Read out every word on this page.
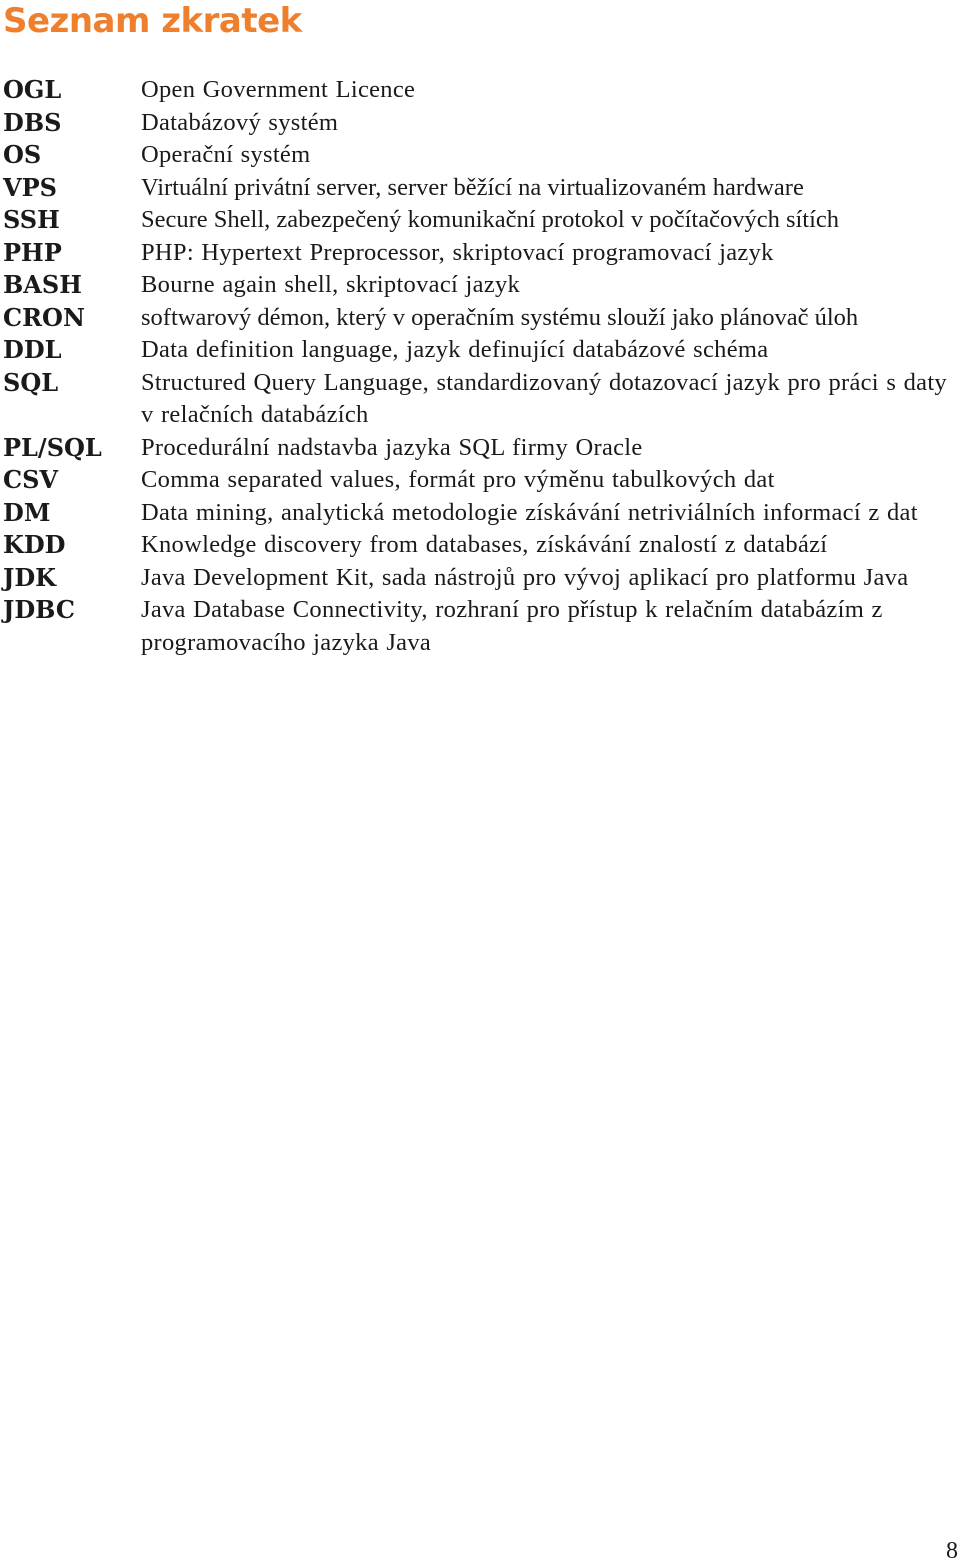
Seznam zkratek
OGL	Open Government Licence
DBS	Databázový systém
OS	Operační systém
VPS	Virtuální privátní server, server běžící na virtualizovaném hardware
SSH	Secure Shell, zabezpečený komunikační protokol v počítačových sítích
PHP	PHP: Hypertext Preprocessor, skriptovací programovací jazyk
BASH	Bourne again shell, skriptovací jazyk
CRON	softwarový démon, který v operačním systému slouží jako plánovač úloh
DDL	Data definition language, jazyk definující databázové schéma
SQL	Structured Query Language, standardizovaný dotazovací jazyk pro práci s daty v relačních databázích
PL/SQL	Procedurální nadstavba jazyka SQL firmy Oracle
CSV	Comma separated values, formát pro výměnu tabulkových dat
DM	Data mining, analytická metodologie získávání netriviálních informací z dat
KDD	Knowledge discovery from databases, získávání znalostí z databází
JDK	Java Development Kit, sada nástrojů pro vývoj aplikací pro platformu Java
JDBC	Java Database Connectivity, rozhraní pro přístup k relačním databázím z programovacího jazyka Java
8
